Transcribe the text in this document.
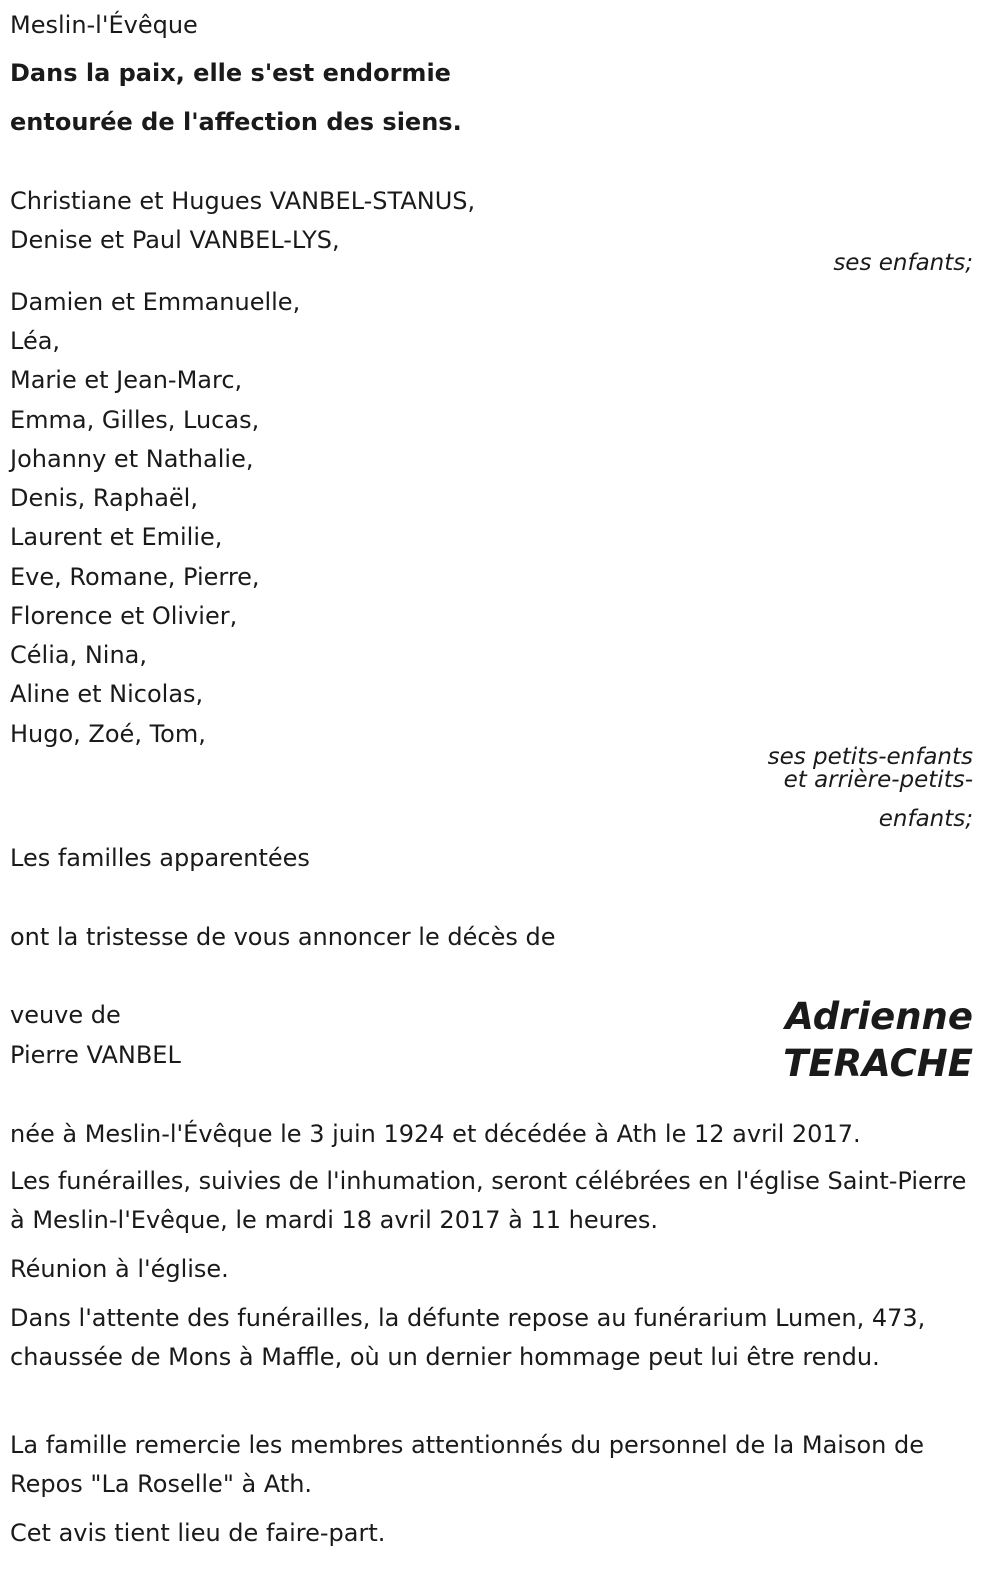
Meslin-l'Évêque
Dans la paix, elle s'est endormie
entourée de l'affection des siens.
Christiane et Hugues VANBEL-STANUS,
Denise et Paul VANBEL-LYS,
ses enfants;
Damien et Emmanuelle,
Léa,
Marie et Jean-Marc,
Emma, Gilles, Lucas,
Johanny et Nathalie,
Denis, Raphaël,
Laurent et Emilie,
Eve, Romane, Pierre,
Florence et Olivier,
Célia, Nina,
Aline et Nicolas,
Hugo, Zoé, Tom,
ses petits-enfants
et arrière-petits-
enfants;
Les familles apparentées
ont la tristesse de vous annoncer le décès de
veuve de
Pierre VANBEL
Adrienne
TERACHE
née à Meslin-l'Évêque le 3 juin 1924 et décédée à Ath le 12 avril 2017.
Les funérailles, suivies de l'inhumation, seront célébrées en l'église Saint-Pierre à Meslin-l'Evêque, le mardi 18 avril 2017 à 11 heures.
Réunion à l'église.
Dans l'attente des funérailles, la défunte repose au funérarium Lumen, 473, chaussée de Mons à Maffle, où un dernier hommage peut lui être rendu.
La famille remercie les membres attentionnés du personnel de la Maison de Repos "La Roselle" à Ath.
Cet avis tient lieu de faire-part.
